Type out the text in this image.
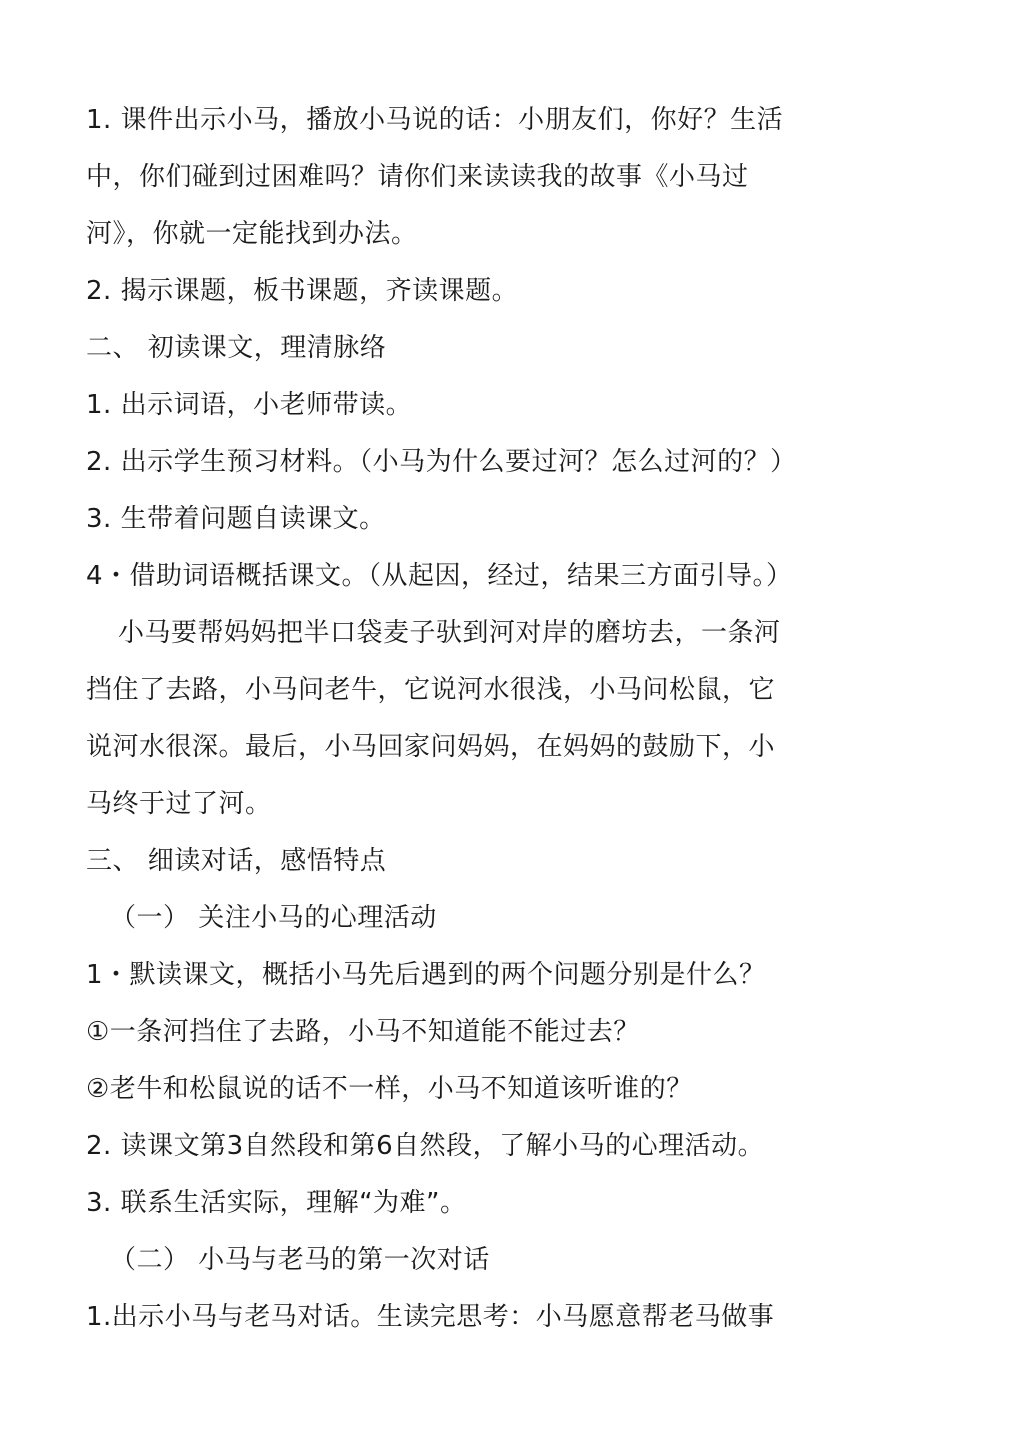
1. 课件出示小马，播放小马说的话：小朋友们，你好？生活
中，你们碰到过困难吗？请你们来读读我的故事《小马过
河》，你就一定能找到办法。
2. 揭示课题，板书课题，齐读课题。
二、 初读课文，理清脉络
1. 出示词语，小老师带读。
2. 出示学生预习材料。（小马为什么要过河？怎么过河的？）
3. 生带着问题自读课文。
4・借助词语概括课文。（从起因，经过，结果三方面引导。）
小马要帮妈妈把半口袋麦子驮到河对岸的磨坊去，一条河
挡住了去路，小马问老牛，它说河水很浅，小马问松鼠，它
说河水很深。最后，小马回家问妈妈，在妈妈的鼓励下，小
马终于过了河。
三、 细读对话，感悟特点
（一） 关注小马的心理活动
1・默读课文，概括小马先后遇到的两个问题分别是什么？
①一条河挡住了去路，小马不知道能不能过去？
②老牛和松鼠说的话不一样，小马不知道该听谁的？
2. 读课文第3自然段和第6自然段，了解小马的心理活动。
3. 联系生活实际，理解“为难”。
（二） 小马与老马的第一次对话
1.出示小马与老马对话。生读完思考：小马愿意帮老马做事
